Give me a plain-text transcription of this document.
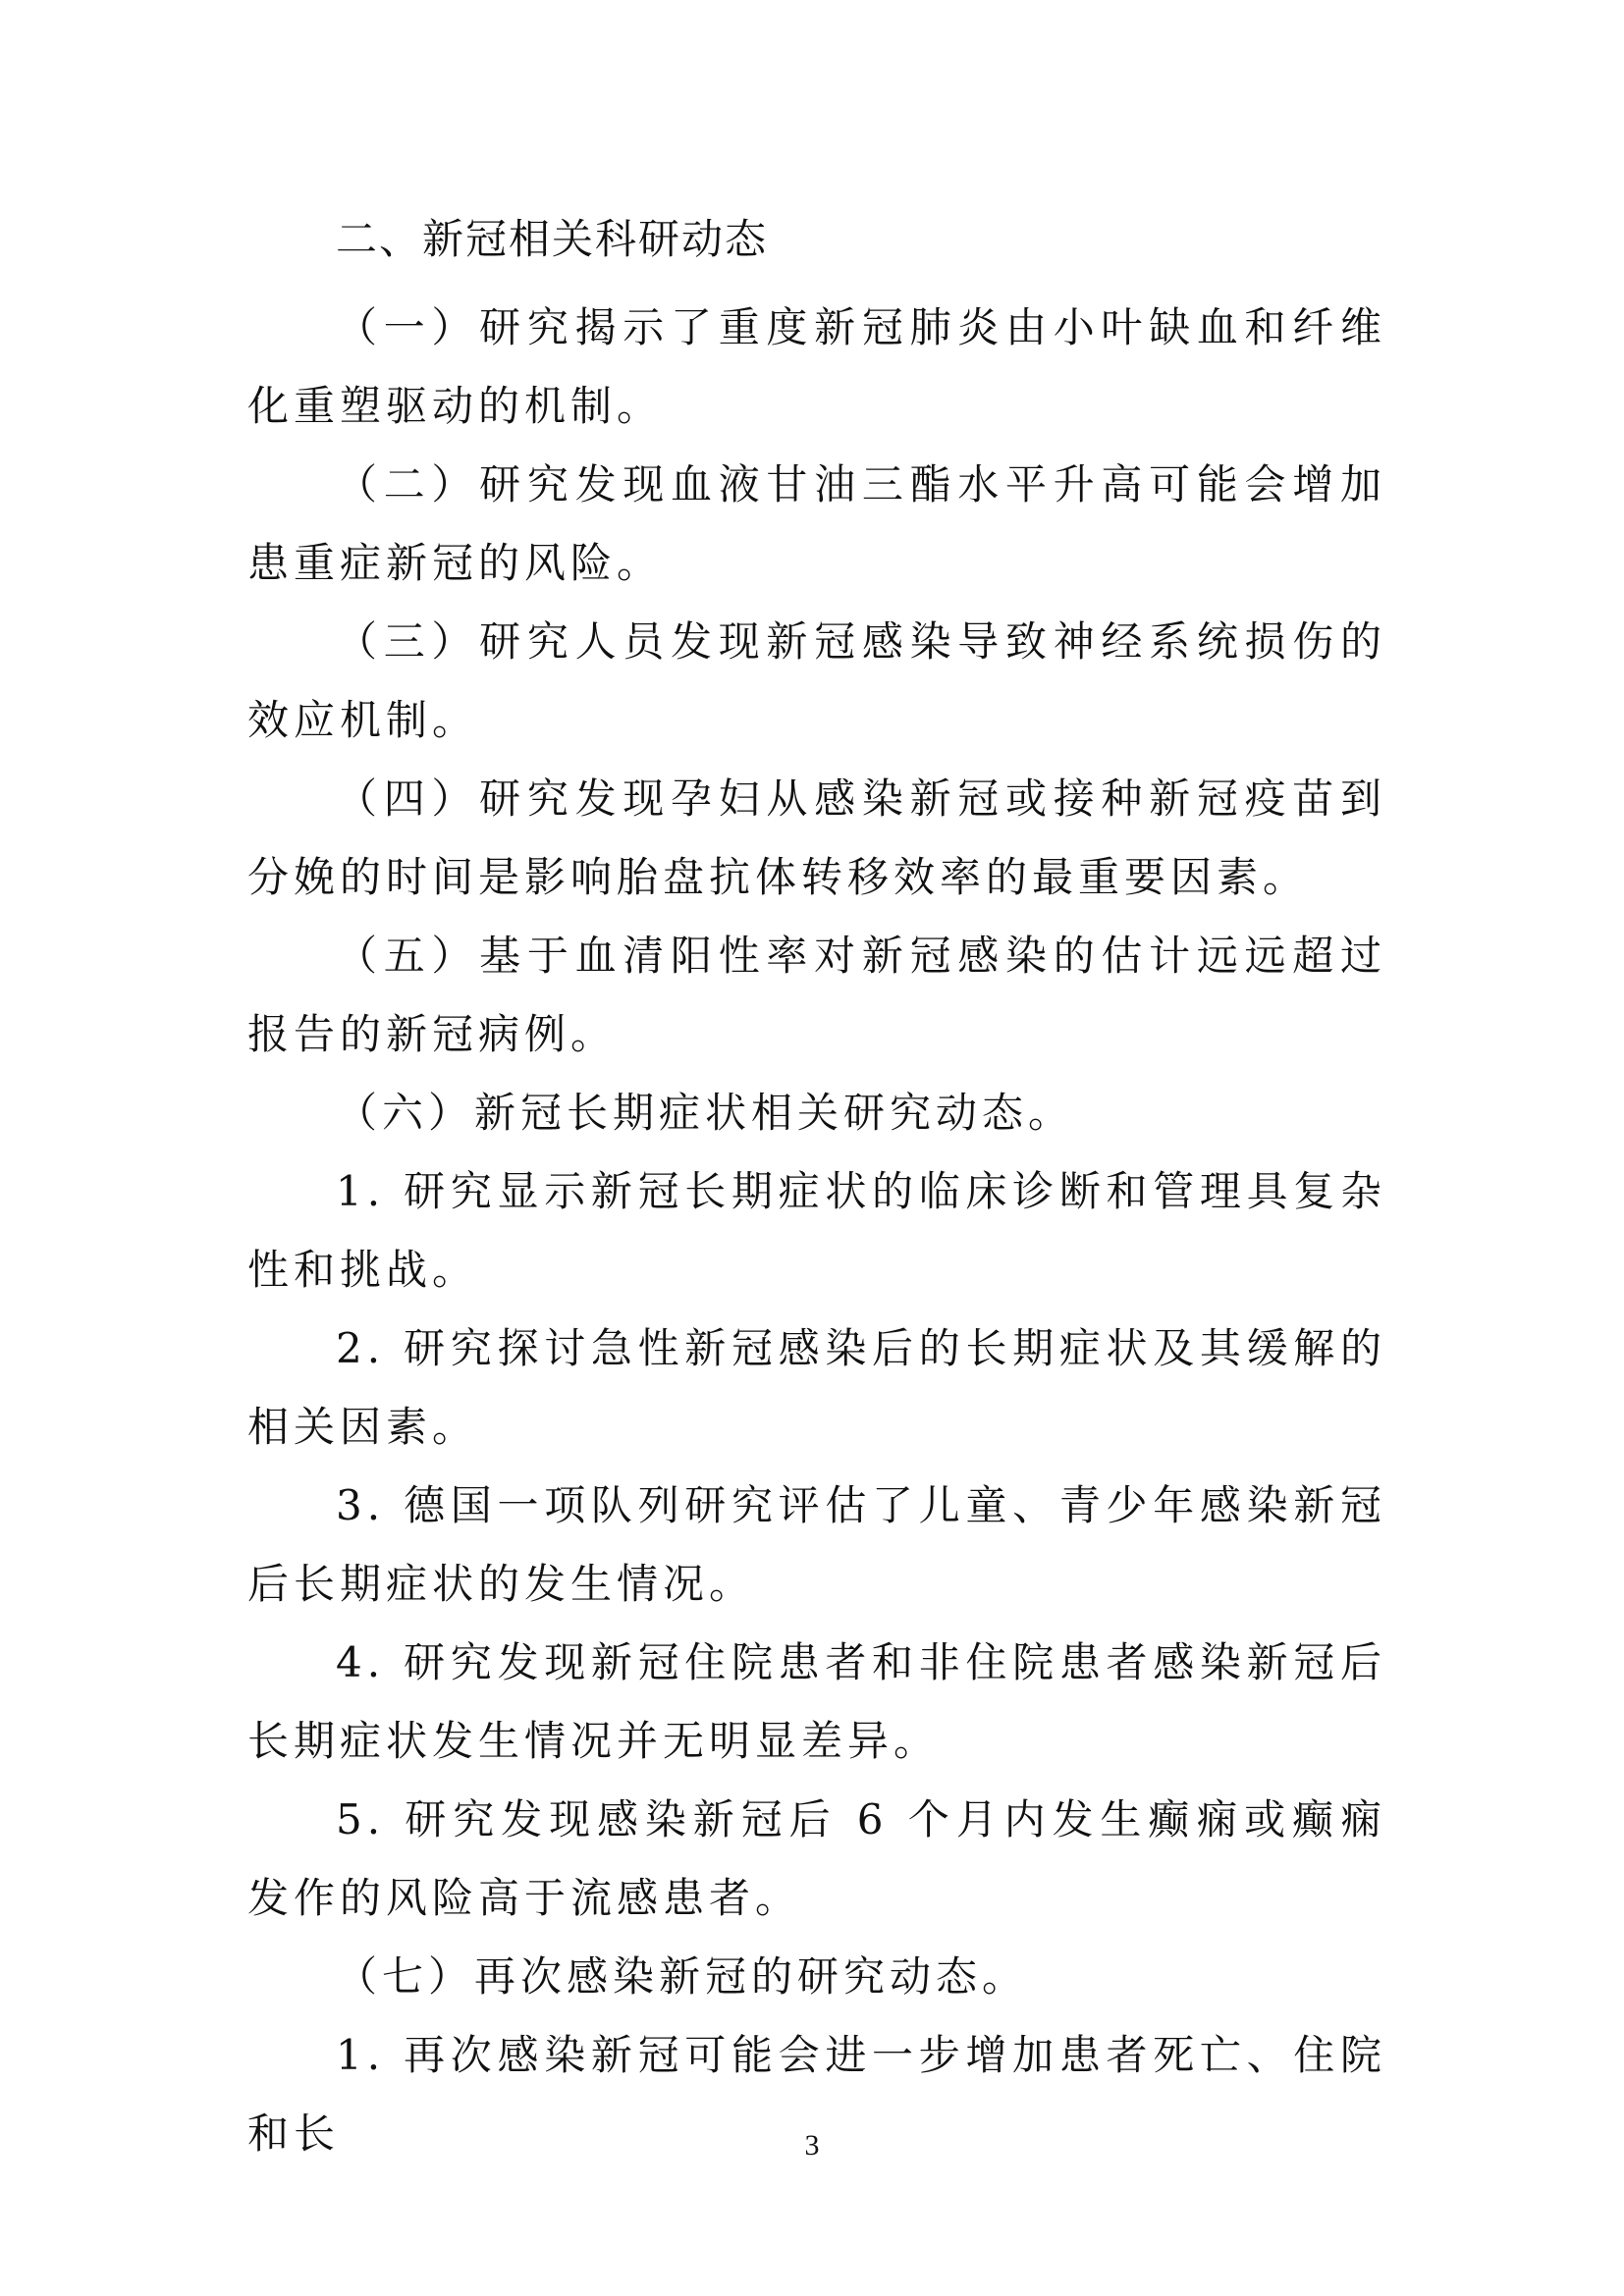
二、新冠相关科研动态

（一）研究揭示了重度新冠肺炎由小叶缺血和纤维化重塑驱动的机制。

（二）研究发现血液甘油三酯水平升高可能会增加患重症新冠的风险。

（三）研究人员发现新冠感染导致神经系统损伤的效应机制。

（四）研究发现孕妇从感染新冠或接种新冠疫苗到分娩的时间是影响胎盘抗体转移效率的最重要因素。

（五）基于血清阳性率对新冠感染的估计远远超过报告的新冠病例。

（六）新冠长期症状相关研究动态。

1. 研究显示新冠长期症状的临床诊断和管理具复杂性和挑战。

2. 研究探讨急性新冠感染后的长期症状及其缓解的相关因素。

3. 德国一项队列研究评估了儿童、青少年感染新冠后长期症状的发生情况。

4. 研究发现新冠住院患者和非住院患者感染新冠后长期症状发生情况并无明显差异。

5. 研究发现感染新冠后 6 个月内发生癫痫或癫痫发作的风险高于流感患者。

（七）再次感染新冠的研究动态。

1. 再次感染新冠可能会进一步增加患者死亡、住院和长	3
